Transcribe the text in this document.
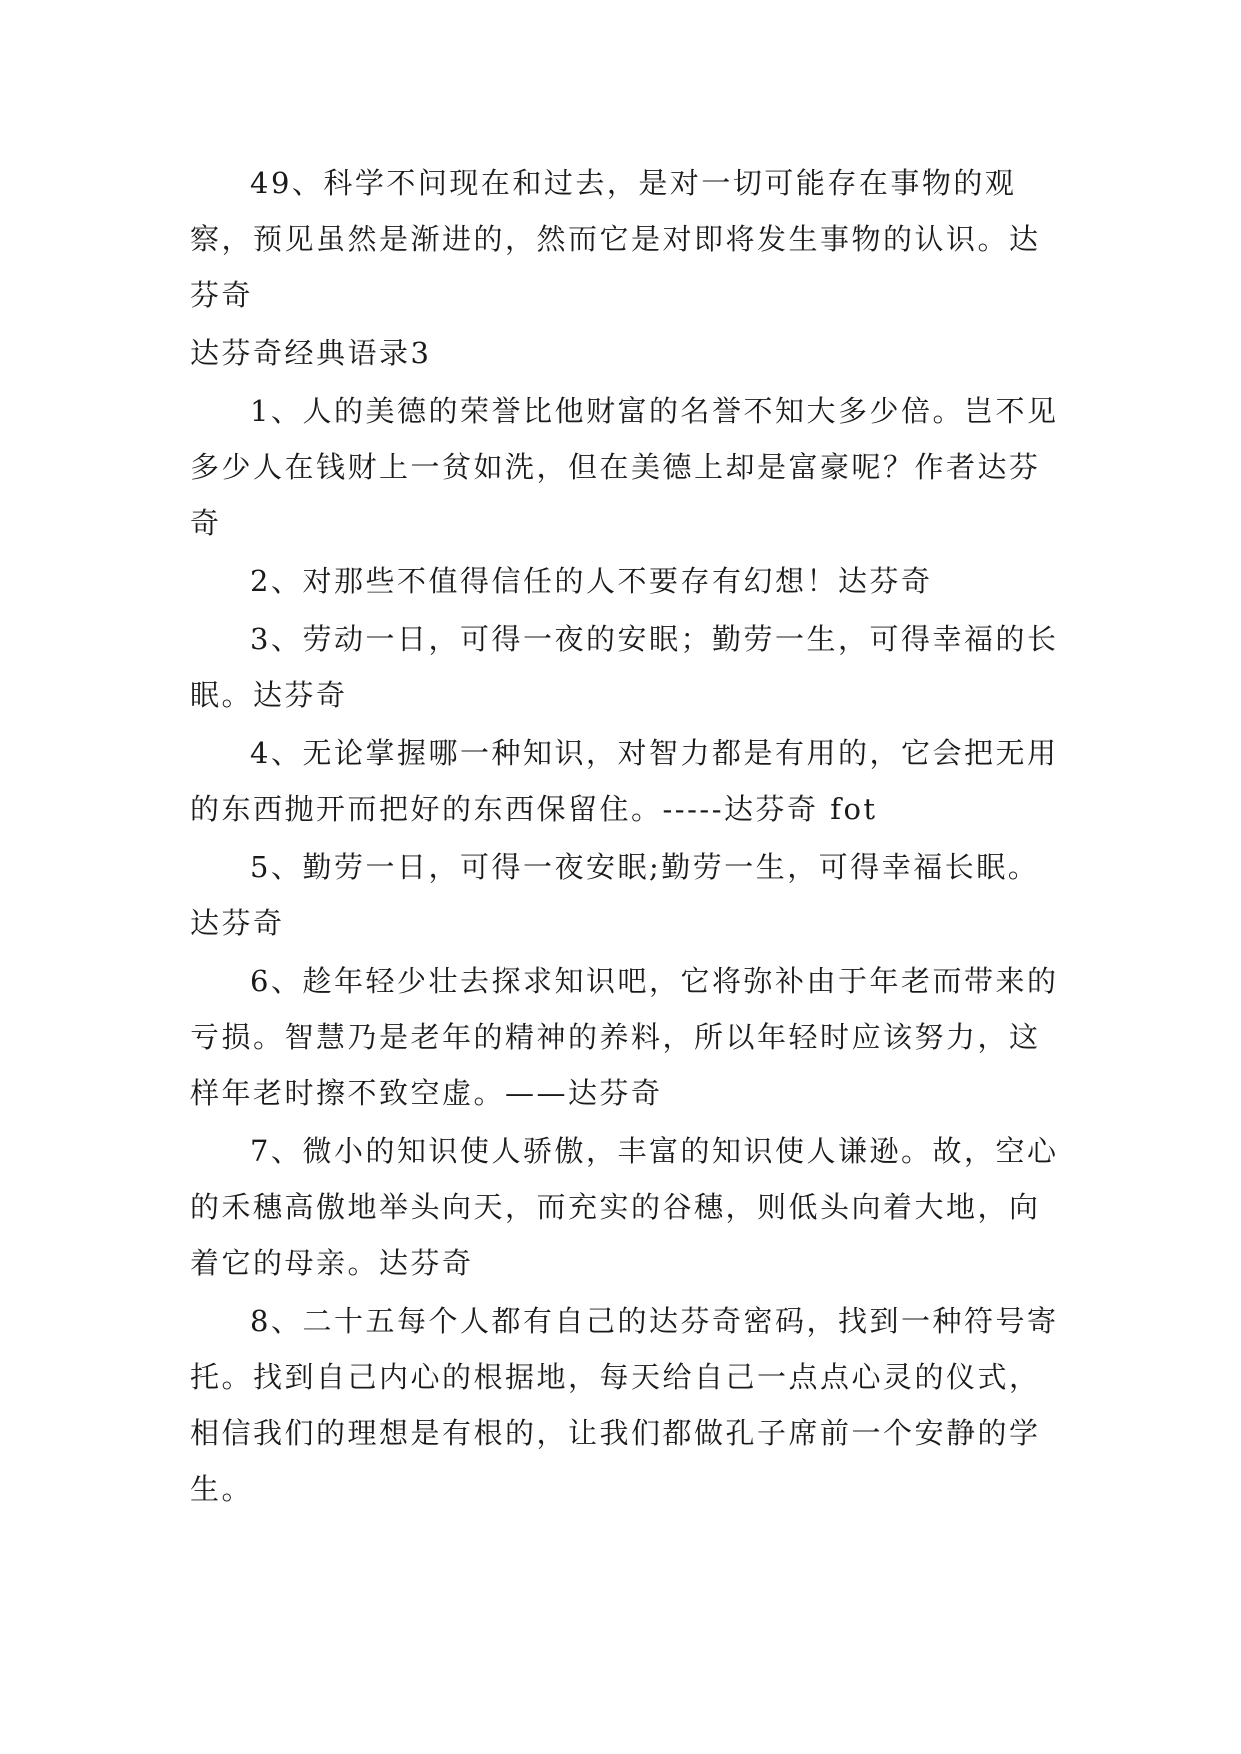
49、科学不问现在和过去，是对一切可能存在事物的观察，预见虽然是渐进的，然而它是对即将发生事物的认识。达芬奇

达芬奇经典语录3

1、人的美德的荣誉比他财富的名誉不知大多少倍。岂不见多少人在钱财上一贫如洗，但在美德上却是富豪呢？作者达芬奇

2、对那些不值得信任的人不要存有幻想！达芬奇

3、劳动一日，可得一夜的安眠；勤劳一生，可得幸福的长眠。达芬奇

4、无论掌握哪一种知识，对智力都是有用的，它会把无用的东西抛开而把好的东西保留住。-----达芬奇 fot

5、勤劳一日，可得一夜安眠;勤劳一生，可得幸福长眠。达芬奇

6、趁年轻少壮去探求知识吧，它将弥补由于年老而带来的亏损。智慧乃是老年的精神的养料，所以年轻时应该努力，这样年老时擦不致空虚。——达芬奇

7、微小的知识使人骄傲，丰富的知识使人谦逊。故，空心的禾穗高傲地举头向天，而充实的谷穗，则低头向着大地，向着它的母亲。达芬奇

8、二十五每个人都有自己的达芬奇密码，找到一种符号寄托。找到自己内心的根据地，每天给自己一点点心灵的仪式，相信我们的理想是有根的，让我们都做孔子席前一个安静的学生。
